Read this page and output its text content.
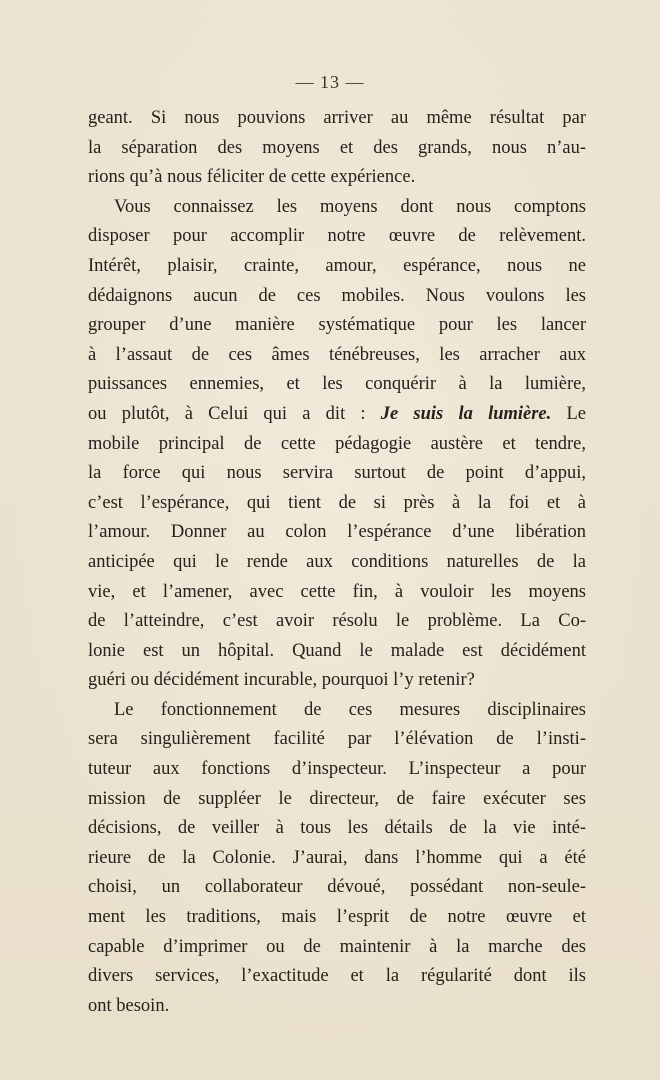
— 13 —
geant. Si nous pouvions arriver au même résultat par
la séparation des moyens et des grands, nous n’au-
rions qu’à nous féliciter de cette expérience.
Vous connaissez les moyens dont nous comptons
disposer pour accomplir notre œuvre de relèvement.
Intérêt, plaisir, crainte, amour, espérance, nous ne
dédaignons aucun de ces mobiles. Nous voulons les
grouper d’une manière systématique pour les lancer
à l’assaut de ces âmes ténébreuses, les arracher aux
puissances ennemies, et les conquérir à la lumière,
ou plutôt, à Celui qui a dit : Je suis la lumière. Le
mobile principal de cette pédagogie austère et tendre,
la force qui nous servira surtout de point d’appui,
c’est l’espérance, qui tient de si près à la foi et à
l’amour. Donner au colon l’espérance d’une libération
anticipée qui le rende aux conditions naturelles de la
vie, et l’amener, avec cette fin, à vouloir les moyens
de l’atteindre, c’est avoir résolu le problème. La Co-
lonie est un hôpital. Quand le malade est décidément
guéri ou décidément incurable, pourquoi l’y retenir?
Le fonctionnement de ces mesures disciplinaires
sera singulièrement facilité par l’élévation de l’insti-
tuteur aux fonctions d’inspecteur. L’inspecteur a pour
mission de suppléer le directeur, de faire exécuter ses
décisions, de veiller à tous les détails de la vie inté-
rieure de la Colonie. J’aurai, dans l’homme qui a été
choisi, un collaborateur dévoué, possédant non-seule-
ment les traditions, mais l’esprit de notre œuvre et
capable d’imprimer ou de maintenir à la marche des
divers services, l’exactitude et la régularité dont ils
ont besoin.
